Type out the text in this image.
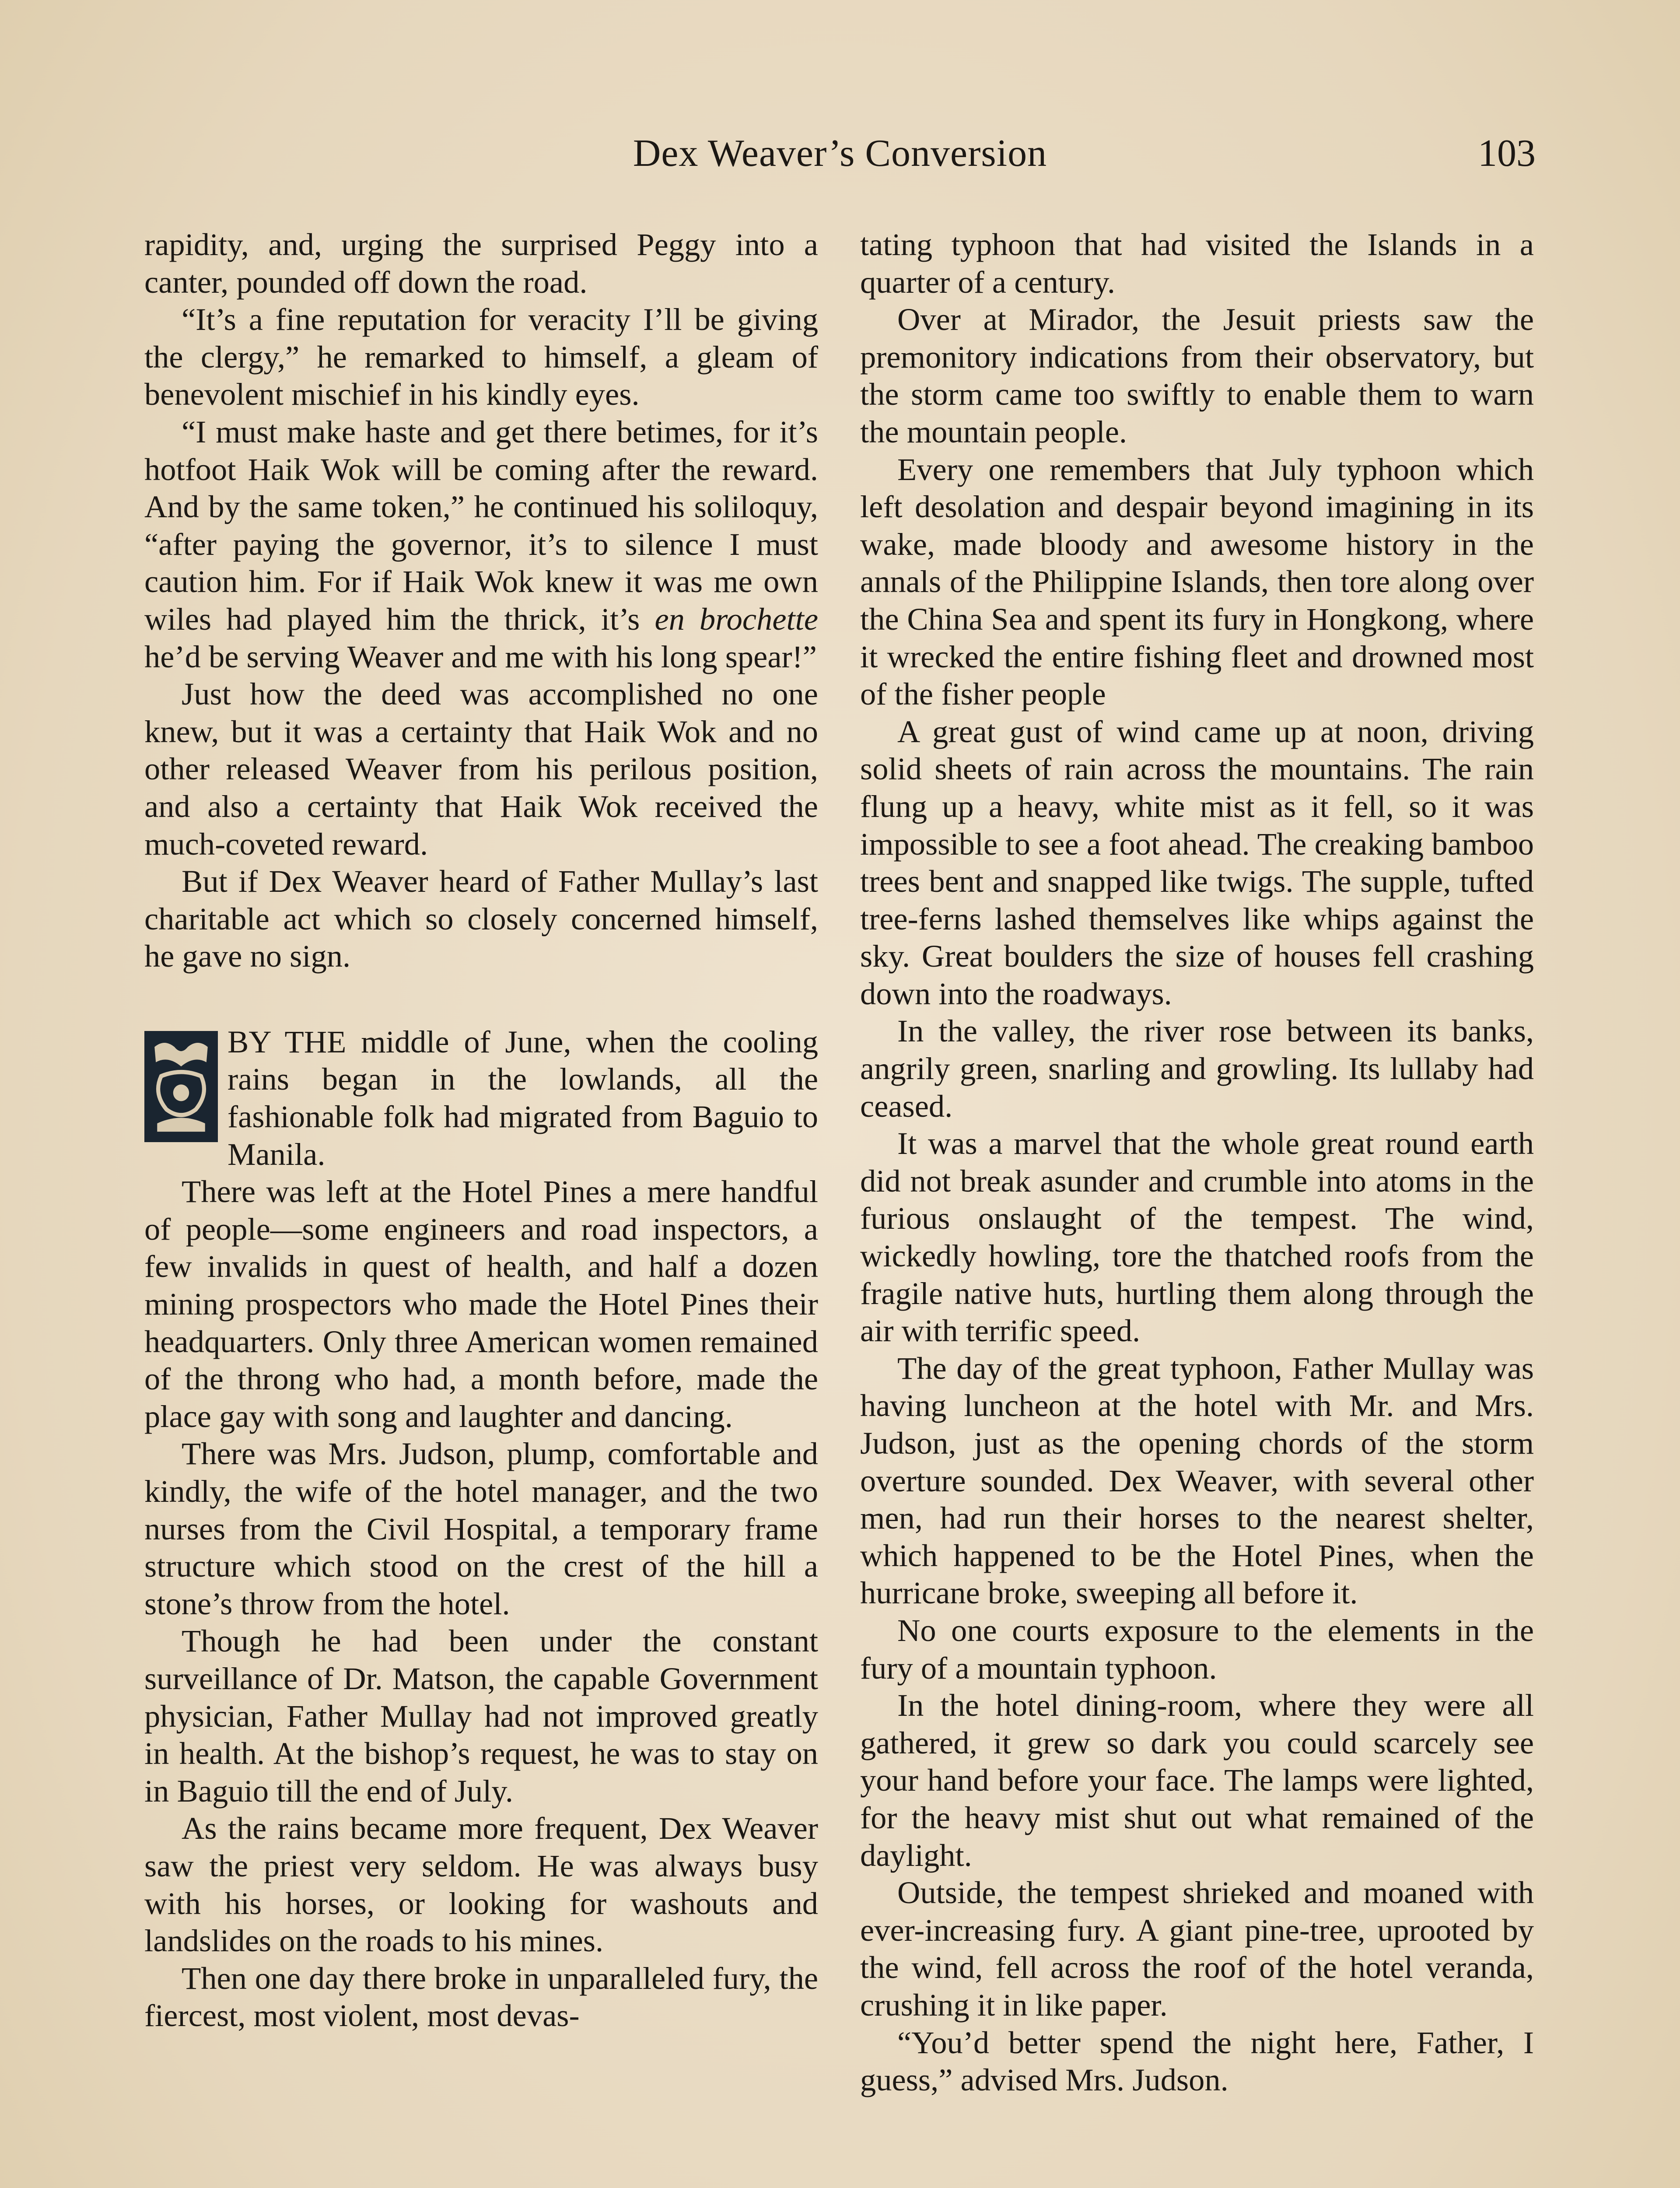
Dex Weaver’s Conversion	103

rapidity, and, urging the surprised Peggy into a canter, pounded off down the road.

“It’s a fine reputation for veracity I’ll be giving the clergy,” he remarked to himself, a gleam of benevolent mischief in his kindly eyes.

“I must make haste and get there betimes, for it’s hotfoot Haik Wok will be coming after the reward. And by the same token,” he continued his soliloquy, “after paying the governor, it’s to silence I must caution him. For if Haik Wok knew it was me own wiles had played him the thrick, it’s en brochette he’d be serving Weaver and me with his long spear!”

Just how the deed was accomplished no one knew, but it was a certainty that Haik Wok and no other released Weaver from his perilous position, and also a certainty that Haik Wok received the much-coveted reward.

But if Dex Weaver heard of Father Mullay’s last charitable act which so closely concerned himself, he gave no sign.

BY THE middle of June, when the cooling rains began in the lowlands, all the fashionable folk had migrated from Baguio to Manila.

There was left at the Hotel Pines a mere handful of people—some engineers and road inspectors, a few invalids in quest of health, and half a dozen mining prospectors who made the Hotel Pines their headquarters. Only three American women remained of the throng who had, a month before, made the place gay with song and laughter and dancing.

There was Mrs. Judson, plump, comfortable and kindly, the wife of the hotel manager, and the two nurses from the Civil Hospital, a temporary frame structure which stood on the crest of the hill a stone’s throw from the hotel.

Though he had been under the constant surveillance of Dr. Matson, the capable Government physician, Father Mullay had not improved greatly in health. At the bishop’s request, he was to stay on in Baguio till the end of July.

As the rains became more frequent, Dex Weaver saw the priest very seldom. He was always busy with his horses, or looking for washouts and landslides on the roads to his mines.

Then one day there broke in unparalleled fury, the fiercest, most violent, most devas-

tating typhoon that had visited the Islands in a quarter of a century.

Over at Mirador, the Jesuit priests saw the premonitory indications from their observatory, but the storm came too swiftly to enable them to warn the mountain people.

Every one remembers that July typhoon which left desolation and despair beyond imagining in its wake, made bloody and awesome history in the annals of the Philippine Islands, then tore along over the China Sea and spent its fury in Hongkong, where it wrecked the entire fishing fleet and drowned most of the fisher people

A great gust of wind came up at noon, driving solid sheets of rain across the mountains. The rain flung up a heavy, white mist as it fell, so it was impossible to see a foot ahead. The creaking bamboo trees bent and snapped like twigs. The supple, tufted tree-ferns lashed themselves like whips against the sky. Great boulders the size of houses fell crashing down into the roadways.

In the valley, the river rose between its banks, angrily green, snarling and growling. Its lullaby had ceased.

It was a marvel that the whole great round earth did not break asunder and crumble into atoms in the furious onslaught of the tempest. The wind, wickedly howling, tore the thatched roofs from the fragile native huts, hurtling them along through the air with terrific speed.

The day of the great typhoon, Father Mullay was having luncheon at the hotel with Mr. and Mrs. Judson, just as the opening chords of the storm overture sounded. Dex Weaver, with several other men, had run their horses to the nearest shelter, which happened to be the Hotel Pines, when the hurricane broke, sweeping all before it.

No one courts exposure to the elements in the fury of a mountain typhoon.

In the hotel dining-room, where they were all gathered, it grew so dark you could scarcely see your hand before your face. The lamps were lighted, for the heavy mist shut out what remained of the daylight.

Outside, the tempest shrieked and moaned with ever-increasing fury. A giant pine-tree, uprooted by the wind, fell across the roof of the hotel veranda, crushing it in like paper.

“You’d better spend the night here, Father, I guess,” advised Mrs. Judson.
